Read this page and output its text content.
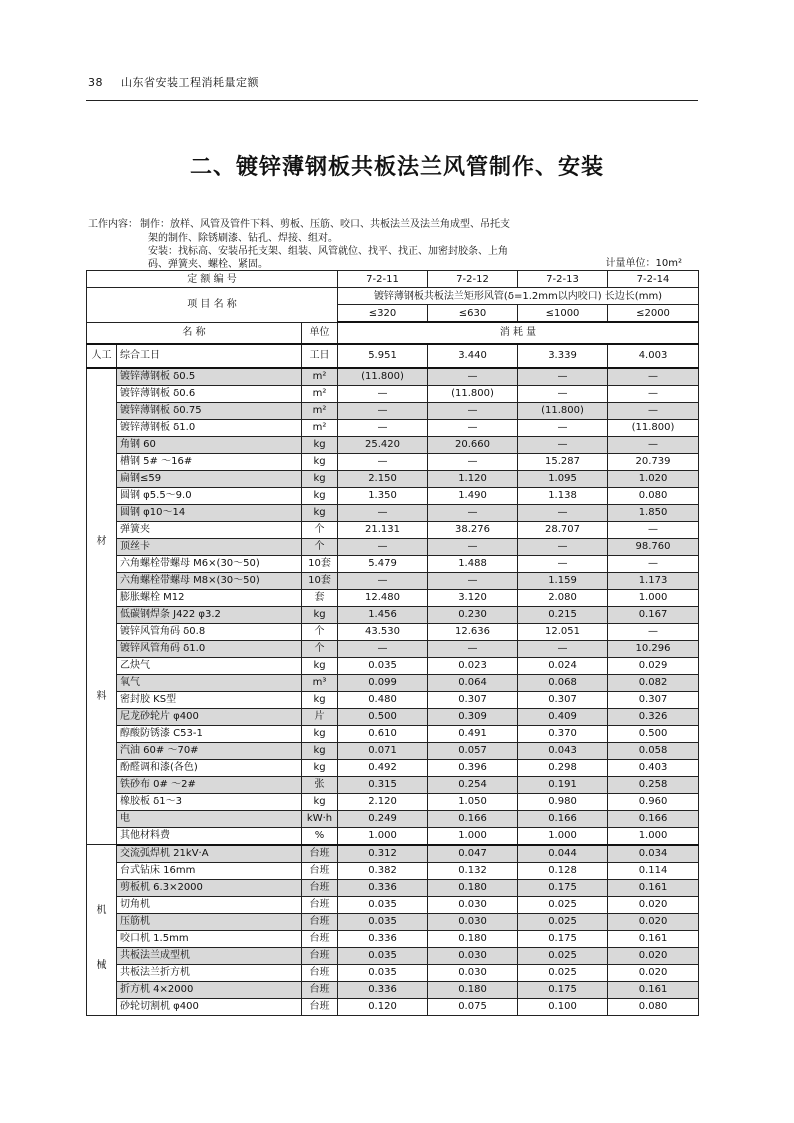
38 山东省安装工程消耗量定额
二、镀锌薄钢板共板法兰风管制作、安装
工作内容： 制作：放样、风管及管件下料、剪板、压筋、咬口、共板法兰及法兰角成型、吊托支
架的制作、除锈刷漆、钻孔、焊接、组对。
安装：找标高、安装吊托支架、组装、风管就位、找平、找正、加密封胶条、上角
码、弹簧夹、螺栓、紧固。	计量单位：10m²
定 额 编 号			7-2-11	7-2-12	7-2-13	7-2-14
项 目 名 称			镀锌薄钢板共板法兰矩形风管(δ=1.2mm以内咬口) 长边长(mm)			
			≤320	≤630	≤1000	≤2000
名 称		单位	消 耗 量			
人工	综合工日	工日	5.951	3.440	3.339	4.003

材
料	镀锌薄钢板 δ0.5	m²	(11.800)	—	—	—
	镀锌薄钢板 δ0.6	m²	—	(11.800)	—	—
	镀锌薄钢板 δ0.75	m²	—	—	(11.800)	—
	镀锌薄钢板 δ1.0	m²	—	—	—	(11.800)
	角钢 60	kg	25.420	20.660	—	—
	槽钢 5# ～16#	kg	—	—	15.287	20.739
	扁钢≤59	kg	2.150	1.120	1.095	1.020
	圆钢 φ5.5～9.0	kg	1.350	1.490	1.138	0.080
	圆钢 φ10～14	kg	—	—	—	1.850
	弹簧夹	个	21.131	38.276	28.707	—
	顶丝卡	个	—	—	—	98.760
	六角螺栓带螺母 M6×(30～50)	10套	5.479	1.488	—	—
	六角螺栓带螺母 M8×(30～50)	10套	—	—	1.159	1.173
	膨胀螺栓 M12	套	12.480	3.120	2.080	1.000
	低碳钢焊条 J422 φ3.2	kg	1.456	0.230	0.215	0.167
	镀锌风管角码 δ0.8	个	43.530	12.636	12.051	—
	镀锌风管角码 δ1.0	个	—	—	—	10.296
	乙炔气	kg	0.035	0.023	0.024	0.029
	氧气	m³	0.099	0.064	0.068	0.082
	密封胶 KS型	kg	0.480	0.307	0.307	0.307
	尼龙砂轮片 φ400	片	0.500	0.309	0.409	0.326
	醇酸防锈漆 C53-1	kg	0.610	0.491	0.370	0.500
	汽油 60# ～70#	kg	0.071	0.057	0.043	0.058
	酚醛调和漆(各色)	kg	0.492	0.396	0.298	0.403
	铁砂布 0# ～2#	张	0.315	0.254	0.191	0.258
	橡胶板 δ1～3	kg	2.120	1.050	0.980	0.960
	电	kW·h	0.249	0.166	0.166	0.166
	其他材料费	%	1.000	1.000	1.000	1.000

机
械	交流弧焊机 21kV·A	台班	0.312	0.047	0.044	0.034
	台式钻床 16mm	台班	0.382	0.132	0.128	0.114
	剪板机 6.3×2000	台班	0.336	0.180	0.175	0.161
	切角机	台班	0.035	0.030	0.025	0.020
	压筋机	台班	0.035	0.030	0.025	0.020
	咬口机 1.5mm	台班	0.336	0.180	0.175	0.161
	共板法兰成型机	台班	0.035	0.030	0.025	0.020
	共板法兰折方机	台班	0.035	0.030	0.025	0.020
	折方机 4×2000	台班	0.336	0.180	0.175	0.161
	砂轮切割机 φ400	台班	0.120	0.075	0.100	0.080
